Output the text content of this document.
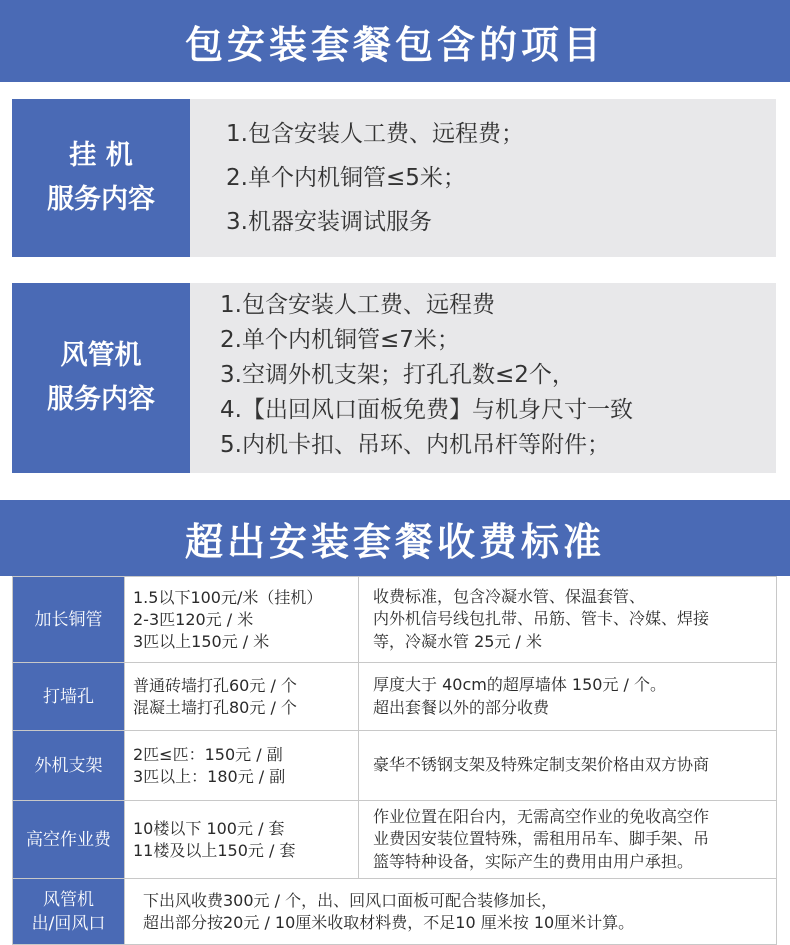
包安装套餐包含的项目
挂 机
服务内容
1.包含安装人工费、远程费；
2.单个内机铜管≤5米；
3.机器安装调试服务
风管机
服务内容
1.包含安装人工费、远程费
2.单个内机铜管≤7米；
3.空调外机支架；打孔孔数≤2个，
4.【出回风口面板免费】与机身尺寸一致
5.内机卡扣、吊环、内机吊杆等附件；
超出安装套餐收费标准
加长铜管	1.5以下100元/米（挂机）
2-3匹120元 / 米
3匹以上150元 / 米	收费标准，包含冷凝水管、保温套管、
内外机信号线包扎带、吊筋、管卡、冷媒、焊接
等，冷凝水管 25元 / 米

打墙孔	普通砖墙打孔60元 / 个
混凝土墙打孔80元 / 个	厚度大于 40cm的超厚墙体 150元 / 个。
超出套餐以外的部分收费

外机支架	2匹≤匹：150元 / 副
3匹以上：180元 / 副	豪华不锈钢支架及特殊定制支架价格由双方协商

高空作业费	10楼以下 100元 / 套
11楼及以上150元 / 套	作业位置在阳台内，无需高空作业的免收高空作
业费因安装位置特殊，需租用吊车、脚手架、吊
篮等特种设备，实际产生的费用由用户承担。

风管机
出/回风口	下出风收费300元 / 个，出、回风口面板可配合装修加长，
超出部分按20元 / 10厘米收取材料费，不足10 厘米按 10厘米计算。	
